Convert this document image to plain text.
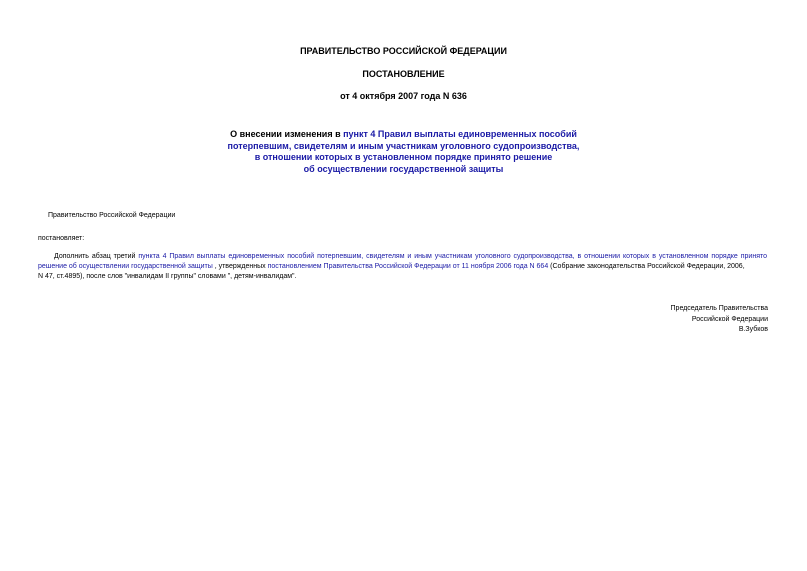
ПРАВИТЕЛЬСТВО РОССИЙСКОЙ ФЕДЕРАЦИИ
ПОСТАНОВЛЕНИЕ
от 4 октября 2007 года N 636
О внесении изменения в пункт 4 Правил выплаты единовременных пособий
потерпевшим, свидетелям и иным участникам уголовного судопроизводства,
в отношении которых в установленном порядке принято решение
об осуществлении государственной защиты
Правительство Российской Федерации
постановляет:
Дополнить абзац третий пункта 4 Правил выплаты единовременных пособий потерпевшим, свидетелям и иным участникам уголовного судопроизводства, в отношении которых в установленном порядке принято
решение об осуществлении государственной защиты , утвержденных постановлением Правительства Российской Федерации от 11 ноября 2006 года N 664 (Собрание законодательства Российской Федерации, 2006,
N 47, ст.4895), после слов "инвалидам II группы" словами ", детям-инвалидам".
Председатель Правительства
Российской Федерации
В.Зубков
